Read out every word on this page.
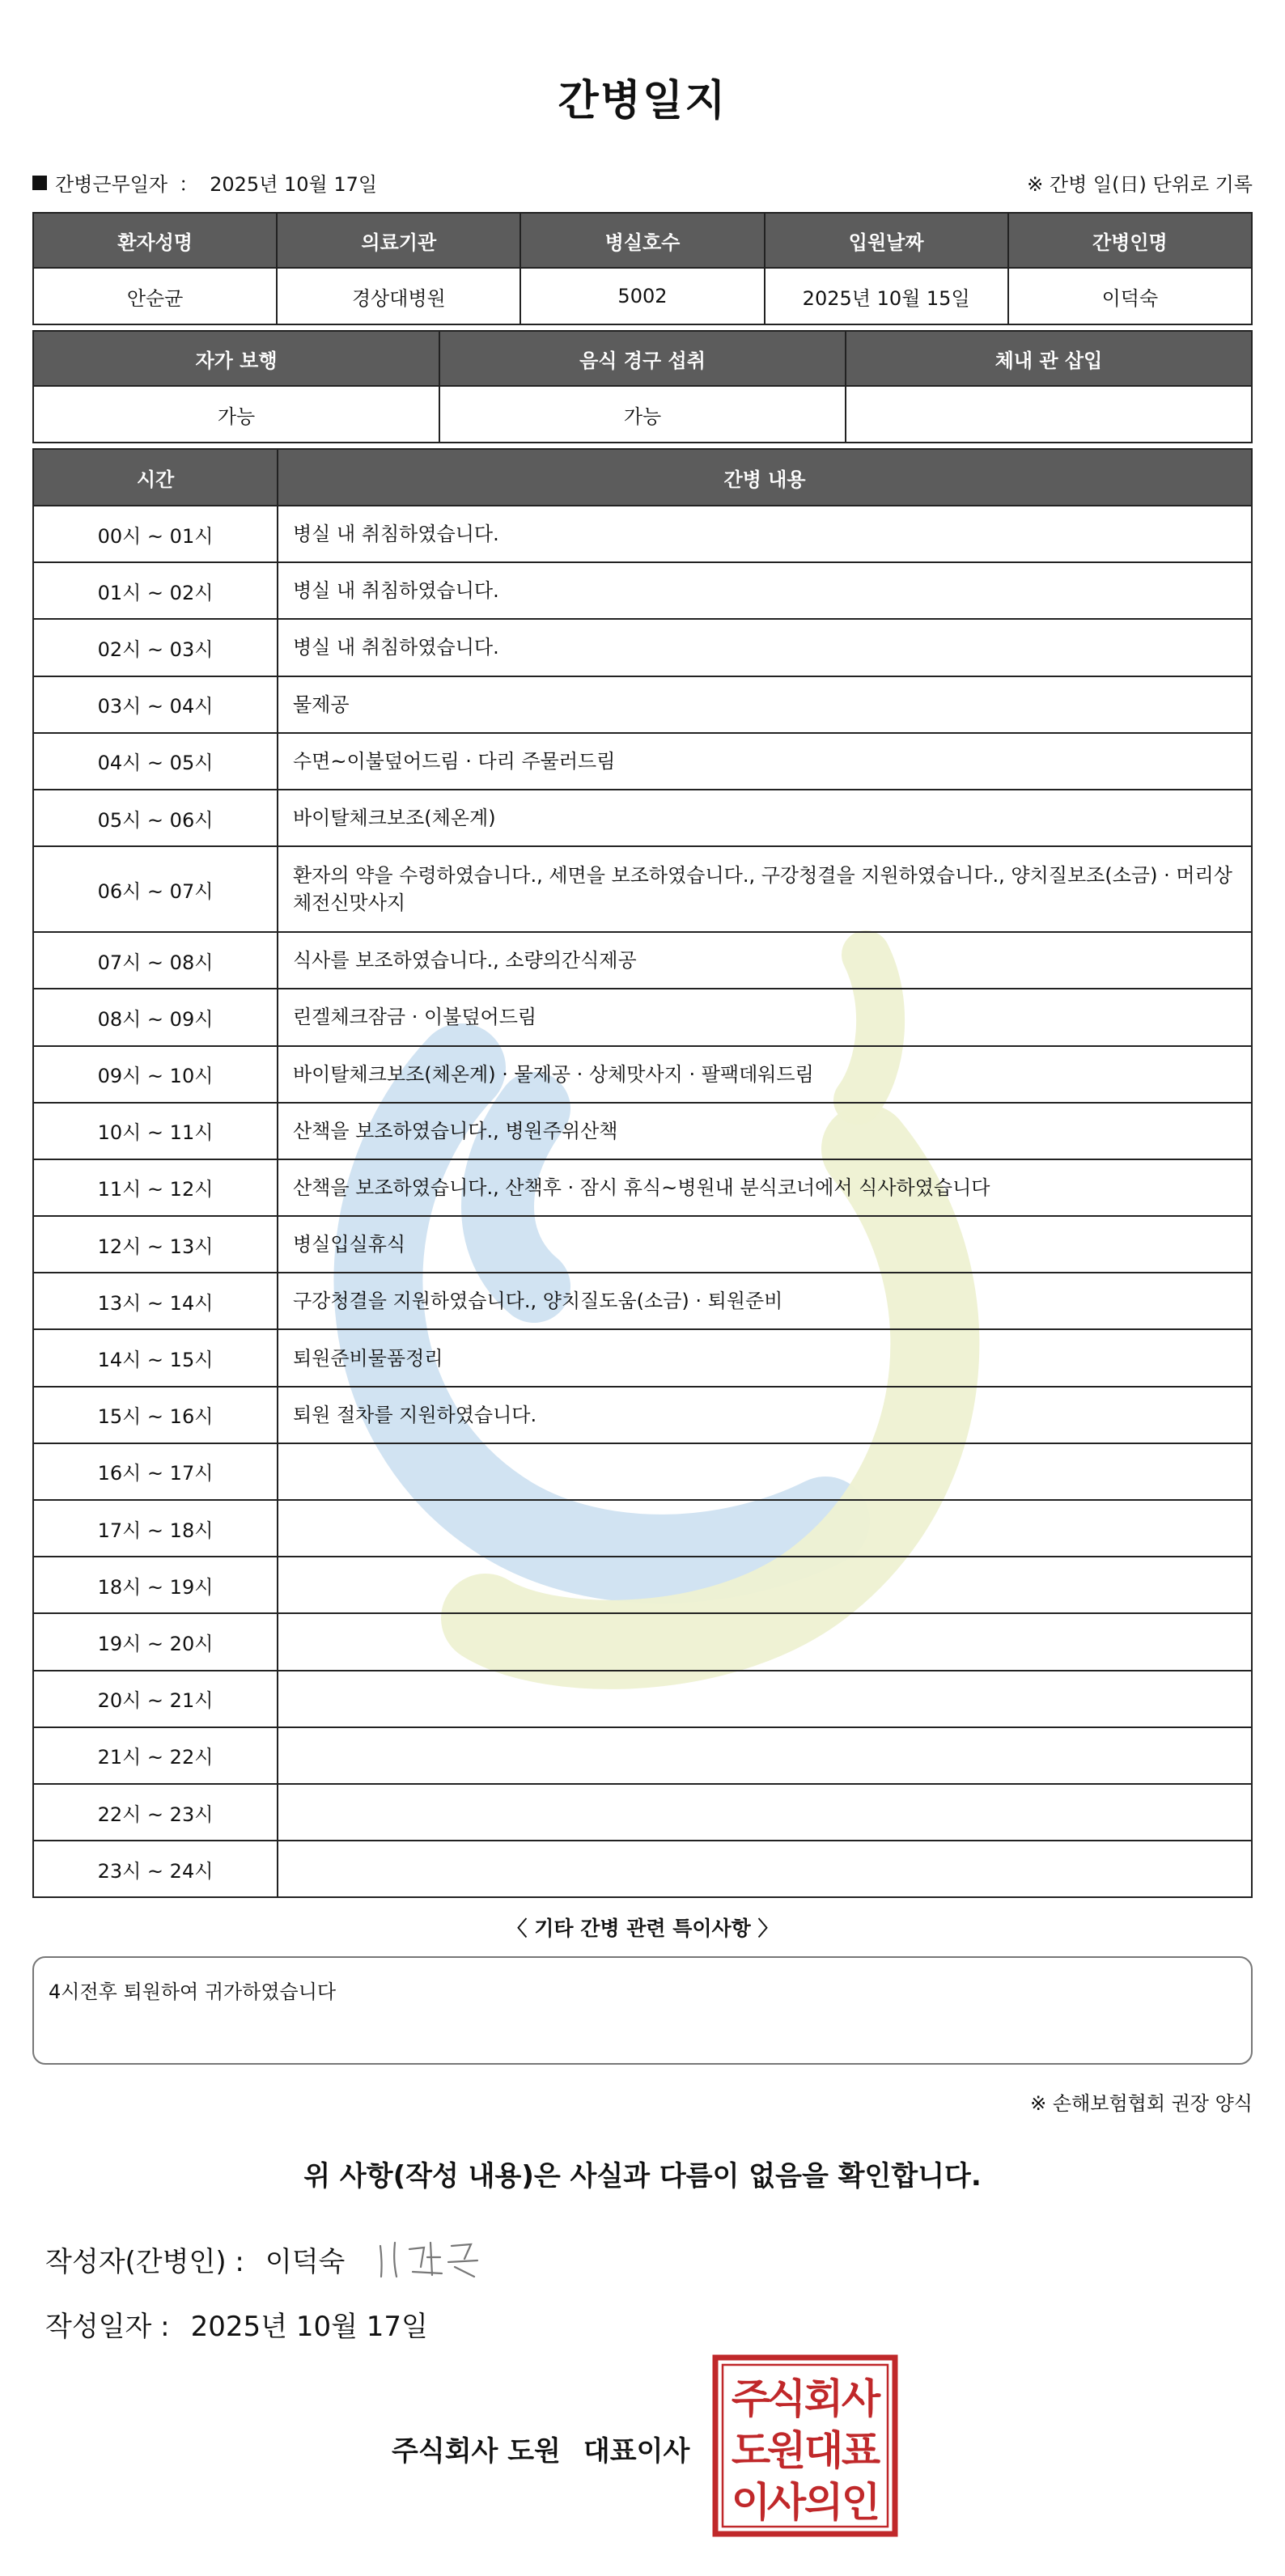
간병일지
간병근무일자 ： 2025년 10월 17일	※ 간병 일(日) 단위로 기록
환자성명	의료기관	병실호수	입원날짜	간병인명
안순균	경상대병원	5002	2025년 10월 15일	이덕숙
자가 보행	음식 경구 섭취	체내 관 삽입
가능	가능	
시간	간병 내용
00시 ~ 01시	병실 내 취침하였습니다.
01시 ~ 02시	병실 내 취침하였습니다.
02시 ~ 03시	병실 내 취침하였습니다.
03시 ~ 04시	물제공
04시 ~ 05시	수면~이불덮어드림 · 다리 주물러드림
05시 ~ 06시	바이탈체크보조(체온계)
06시 ~ 07시	환자의 약을 수령하였습니다., 세면을 보조하였습니다., 구강청결을 지원하였습니다., 양치질보조(소금) · 머리상체전신맛사지
07시 ~ 08시	식사를 보조하였습니다., 소량의간식제공
08시 ~ 09시	린겔체크잠금 · 이불덮어드림
09시 ~ 10시	바이탈체크보조(체온계) · 물제공 · 상체맛사지 · 팔팩데워드림
10시 ~ 11시	산책을 보조하였습니다., 병원주위산책
11시 ~ 12시	산책을 보조하였습니다., 산책후 · 잠시 휴식~병원내 분식코너에서 식사하였습니다
12시 ~ 13시	병실입실휴식
13시 ~ 14시	구강청결을 지원하였습니다., 양치질도움(소금) · 퇴원준비
14시 ~ 15시	퇴원준비물품정리
15시 ~ 16시	퇴원 절차를 지원하였습니다.
16시 ~ 17시	
17시 ~ 18시	
18시 ~ 19시	
19시 ~ 20시	
20시 ~ 21시	
21시 ~ 22시	
22시 ~ 23시	
23시 ~ 24시	
〈 기타 간병 관련 특이사항 〉
4시전후 퇴원하여 귀가하였습니다
※ 손해보험협회 권장 양식
위 사항(작성 내용)은 사실과 다름이 없음을 확인합니다.
작성자(간병인) : 이덕숙
작성일자 : 2025년 10월 17일
주식회사 도원 대표이사
주
식
회
사
도
원
대
표
이
사
의
인
